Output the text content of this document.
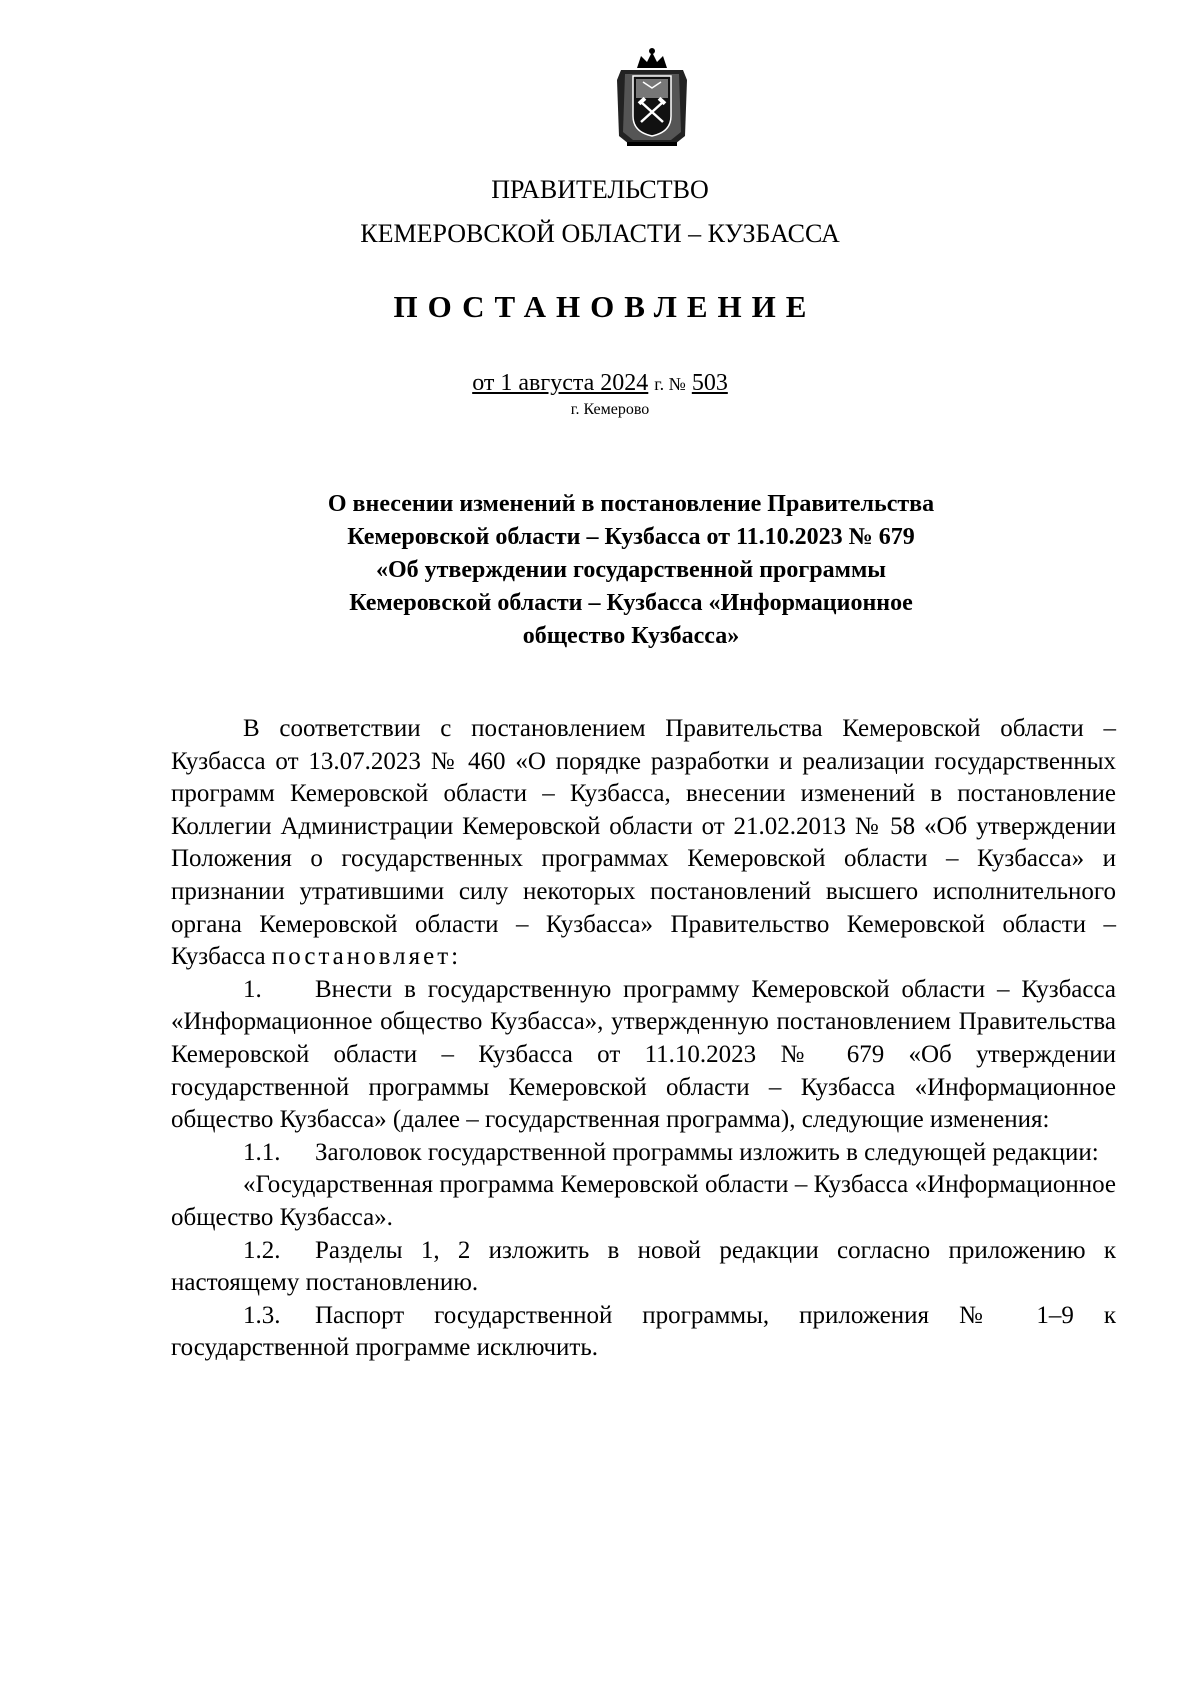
ПРАВИТЕЛЬСТВО
КЕМЕРОВСКОЙ ОБЛАСТИ – КУЗБАССА
ПОСТАНОВЛЕНИЕ
от 1 августа 2024 г. № 503
г. Кемерово
О внесении изменений в постановление Правительства
Кемеровской области – Кузбасса от 11.10.2023 № 679
«Об утверждении государственной программы
Кемеровской области – Кузбасса «Информационное
общество Кузбасса»

В соответствии с постановлением Правительства Кемеровской области – Кузбасса от 13.07.2023 № 460 «О порядке разработки и реализации государственных программ Кемеровской области – Кузбасса, внесении изменений в постановление Коллегии Администрации Кемеровской области от 21.02.2013 № 58 «Об утверждении Положения о государственных программах Кемеровской области – Кузбасса» и признании утратившими силу некоторых постановлений высшего исполнительного органа Кемеровской области – Кузбасса» Правительство Кемеровской области – Кузбасса постановляет:

1. Внести в государственную программу Кемеровской области – Кузбасса «Информационное общество Кузбасса», утвержденную постановлением Правительства Кемеровской области – Кузбасса от 11.10.2023 № 679 «Об утверждении государственной программы Кемеровской области – Кузбасса «Информационное общество Кузбасса» (далее – государственная программа), следующие изменения:

1.1. Заголовок государственной программы изложить в следующей редакции:

«Государственная программа Кемеровской области – Кузбасса «Информационное общество Кузбасса».

1.2. Разделы 1, 2 изложить в новой редакции согласно приложению к настоящему постановлению.

1.3. Паспорт государственной программы, приложения № 1–9 к государственной программе исключить.
